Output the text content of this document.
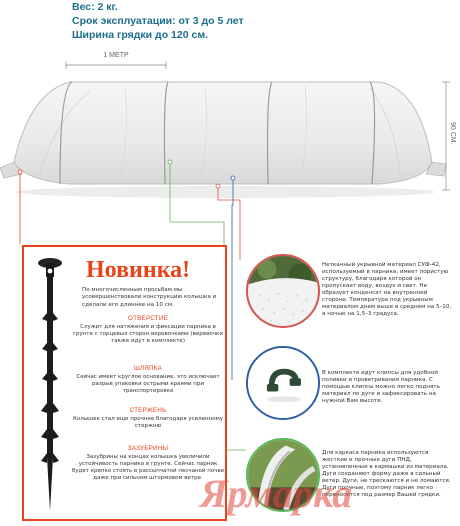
Вес: 2 кг.
Срок эксплуатации: от 3 до 5 лет
Ширина грядки до 120 см.
1 МЕТР
90 СМ.
Новинка!
По многочисленным просьбам мы усовершенствовали конструкцию колышка и сделали его длиннее на 10 см.
ОТВЕРСТИЕ
Служит для натяжения и фиксации парника в грунте с торцевых сторон веревочками (веревочки также идут в комплекте)
ШЛЯПКА
Сейчас имеет круглое основание, это исключает разрыв упаковки острыми краями при транспортировке
СТЕРЖЕНЬ
Колышек стал еще прочнее благодаря усиленному стержню
ЗАЗУБРИНЫ
Зазубрины на концах колышка увеличили устойчивость парника в грунте. Сейчас парник будет крепко стоять в рассыпчатой песчаной почве даже при сильном штормовом ветре.
Нетканный укрывной материал СУФ-42, используемый в парнике, имеет пористую структуру, благодаря которой он пропускает воду, воздух и свет. Не образует конденсат на внутренней стороне. Температура под укрывным материалом днем выше в среднем на 5–10, а ночью на 1,5–3 градуса.
В комплекте идут клипсы для удобной поливки и проветривания парника. С помощью клипсы можно легко поднять материал по дуге и зафиксировать на нужной Вам высоте.
Для каркаса парника используются жесткие и прочные дуги ПНД, установленные в кармашки из материала. Дуги сохраняют форму даже в сильный ветер. Дуги, не трескаются и не ломаются. Дуги прочные, поэтому парник легко переносится под размер Вашей грядки.
Ярмарка
